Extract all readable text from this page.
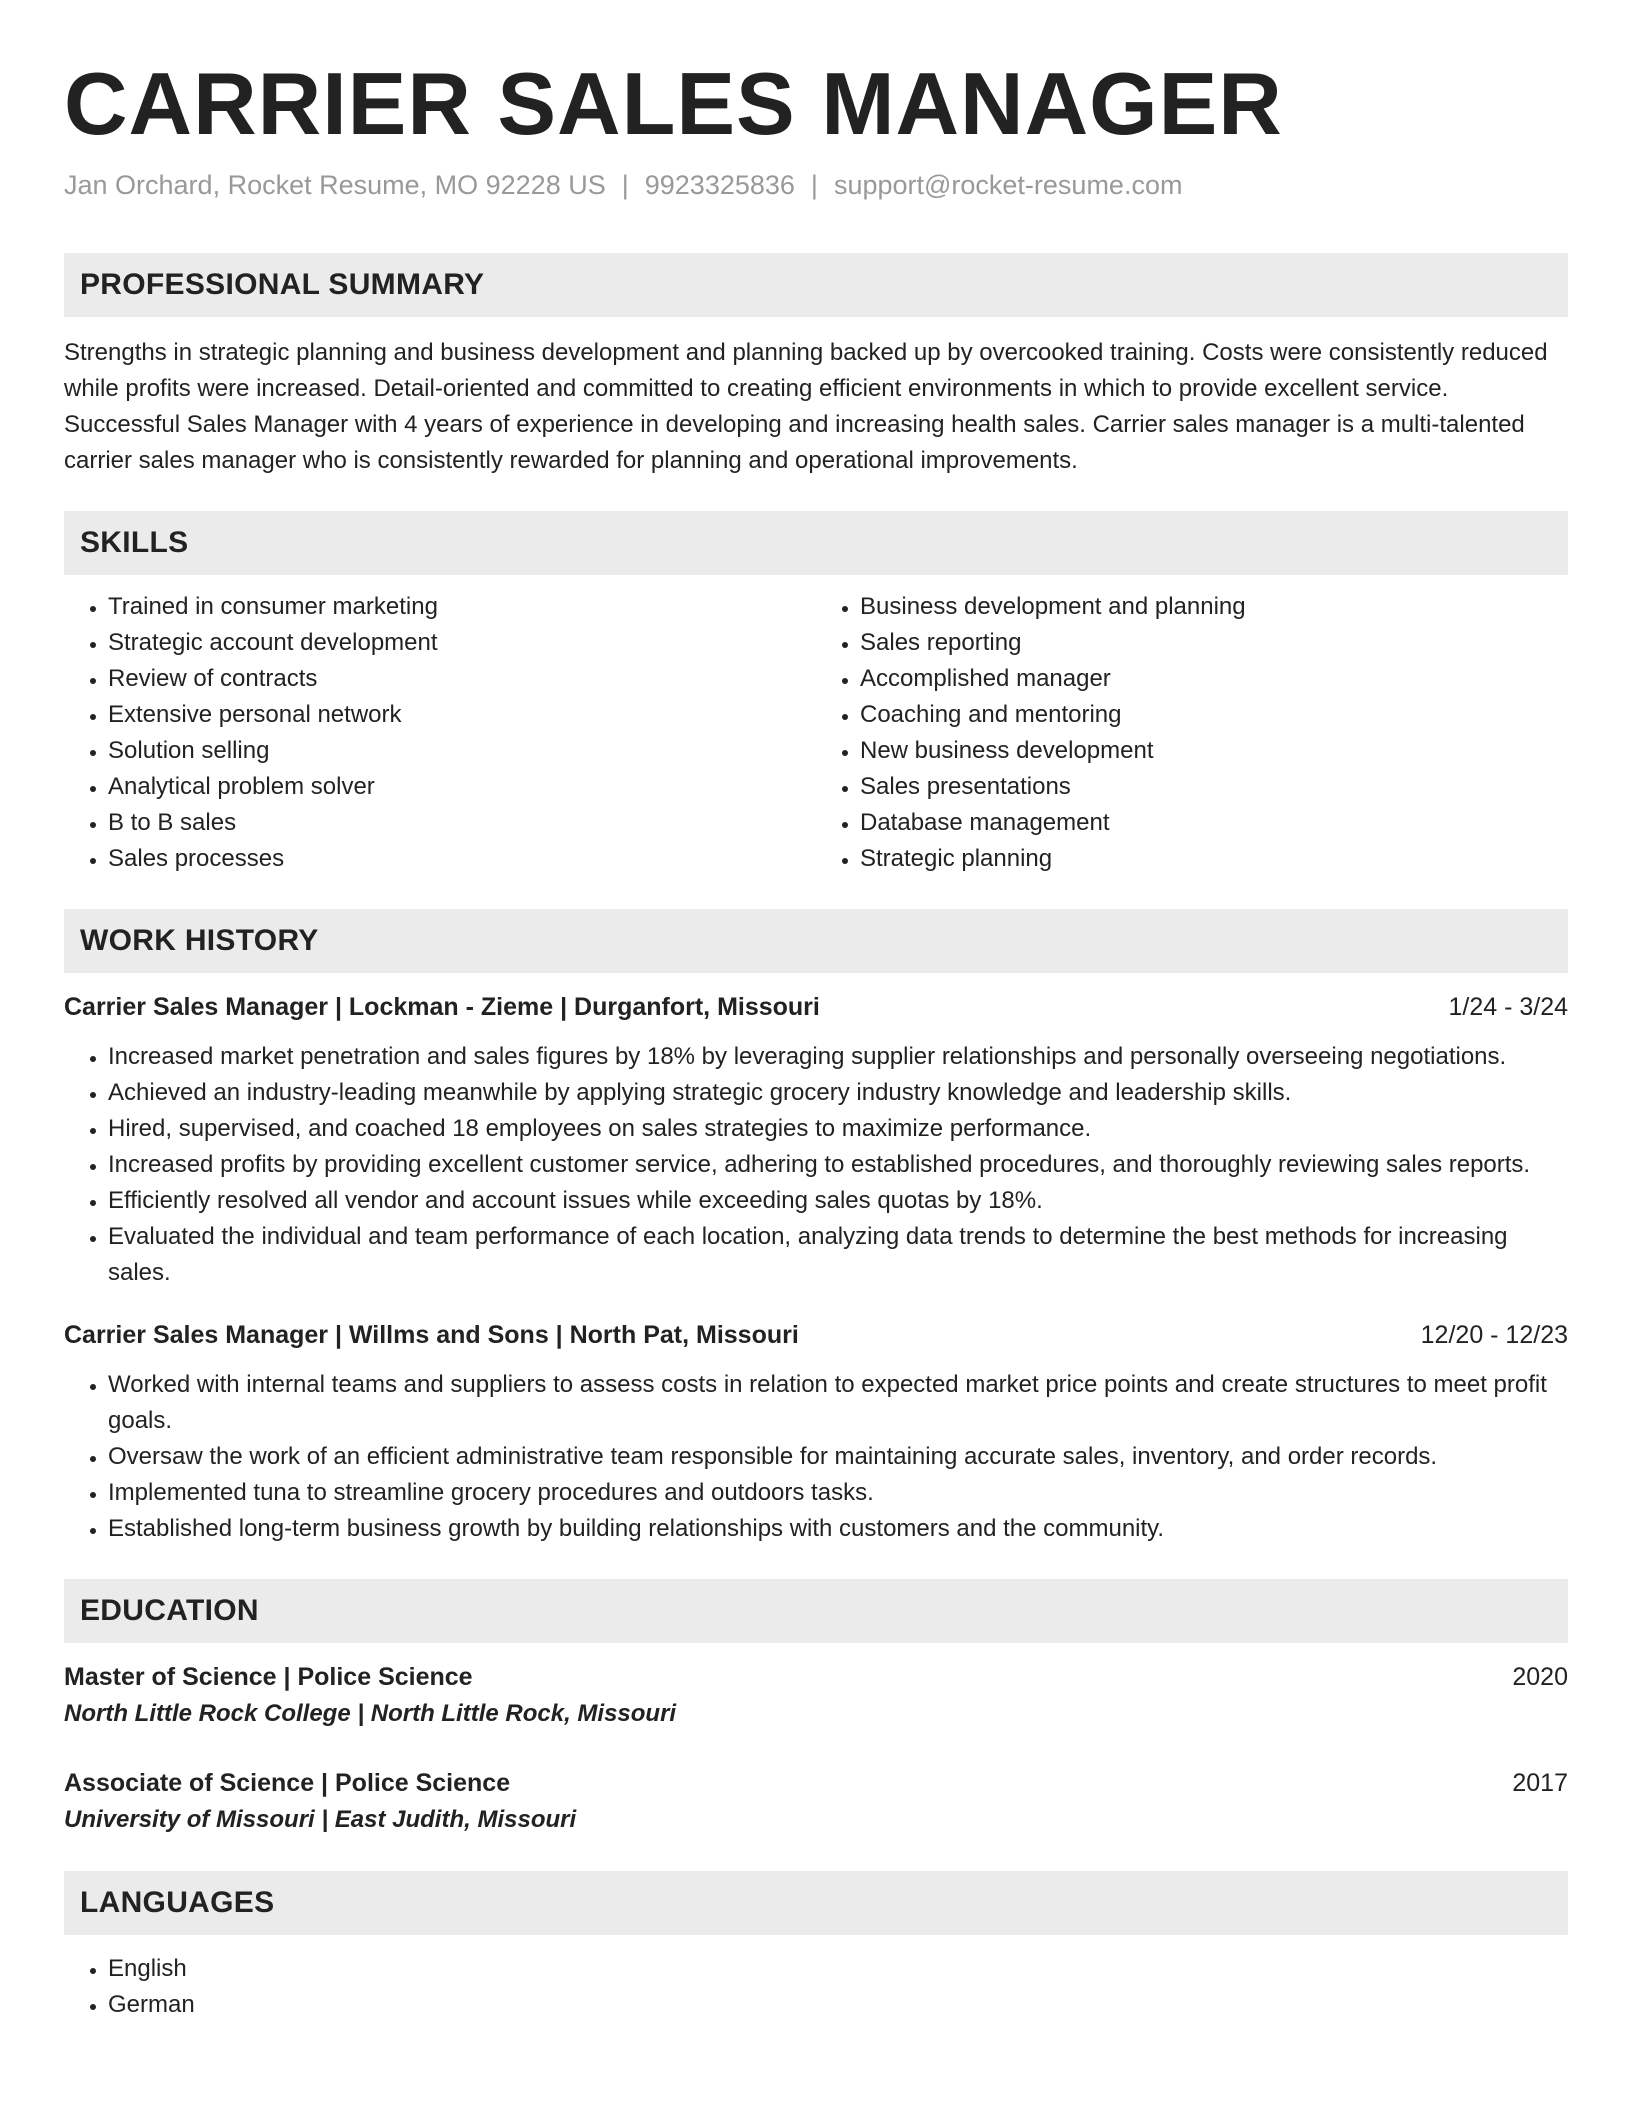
CARRIER SALES MANAGER
Jan Orchard, Rocket Resume, MO 92228 US | 9923325836 | support@rocket-resume.com
PROFESSIONAL SUMMARY

Strengths in strategic planning and business development and planning backed up by overcooked training. Costs were consistently reduced while profits were increased. Detail-oriented and committed to creating efficient environments in which to provide excellent service. Successful Sales Manager with 4 years of experience in developing and increasing health sales. Carrier sales manager is a multi-talented carrier sales manager who is consistently rewarded for planning and operational improvements.

SKILLS
• Trained in consumer marketing
• Strategic account development
• Review of contracts
• Extensive personal network
• Solution selling
• Analytical problem solver
• B to B sales
• Sales processes
• Business development and planning
• Sales reporting
• Accomplished manager
• Coaching and mentoring
• New business development
• Sales presentations
• Database management
• Strategic planning
WORK HISTORY
Carrier Sales Manager | Lockman - Zieme | Durganfort, Missouri	1/24 - 3/24
• Increased market penetration and sales figures by 18% by leveraging supplier relationships and personally overseeing negotiations.
• Achieved an industry-leading meanwhile by applying strategic grocery industry knowledge and leadership skills.
• Hired, supervised, and coached 18 employees on sales strategies to maximize performance.
• Increased profits by providing excellent customer service, adhering to established procedures, and thoroughly reviewing sales reports.
• Efficiently resolved all vendor and account issues while exceeding sales quotas by 18%.
• Evaluated the individual and team performance of each location, analyzing data trends to determine the best methods for increasing sales.
Carrier Sales Manager | Willms and Sons | North Pat, Missouri	12/20 - 12/23
• Worked with internal teams and suppliers to assess costs in relation to expected market price points and create structures to meet profit goals.
• Oversaw the work of an efficient administrative team responsible for maintaining accurate sales, inventory, and order records.
• Implemented tuna to streamline grocery procedures and outdoors tasks.
• Established long-term business growth by building relationships with customers and the community.
EDUCATION
Master of Science | Police Science	2020
North Little Rock College | North Little Rock, Missouri
Associate of Science | Police Science	2017
University of Missouri | East Judith, Missouri
LANGUAGES
• English
• German
